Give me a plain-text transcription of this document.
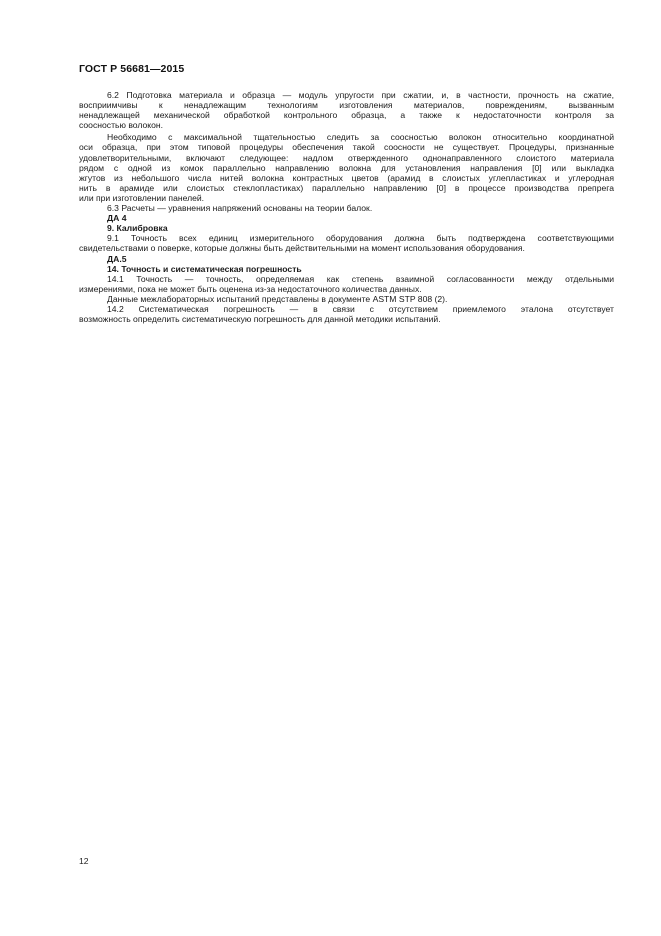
ГОСТ Р 56681—2015
6.2 Подготовка материала и образца — модуль упругости при сжатии, и, в частности, прочность на сжатие,
восприимчивы к ненадлежащим технологиям изготовления материалов, повреждениям, вызванным
ненадлежащей механической обработкой контрольного образца, а также к недостаточности контроля за
соосностью волокон.
Необходимо с максимальной тщательностью следить за соосностью волокон относительно координатной
оси образца, при этом типовой процедуры обеспечения такой соосности не существует. Процедуры, признанные
удовлетворительными, включают следующее: надлом отвержденного однонаправленного слоистого материала
рядом с одной из комок параллельно направлению волокна для установления направления [0] или выкладка
жгутов из небольшого числа нитей волокна контрастных цветов (арамид в слоистых углепластиках и углеродная
нить в арамиде или слоистых стеклопластиках) параллельно направлению [0] в процессе производства препрега
или при изготовлении панелей.
6.3 Расчеты — уравнения напряжений основаны на теории балок.
ДА 4
9. Калибровка
9.1 Точность всех единиц измерительного оборудования должна быть подтверждена соответствующими
свидетельствами о поверке, которые должны быть действительными на момент использования оборудования.
ДА.5
14. Точность и систематическая погрешность
14.1 Точность — точность, определяемая как степень взаимной согласованности между отдельными
измерениями, пока не может быть оценена из-за недостаточного количества данных.
Данные межлабораторных испытаний представлены в документе ASTM STP 808 (2).
14.2 Систематическая погрешность — в связи с отсутствием приемлемого эталона отсутствует
возможность определить систематическую погрешность для данной методики испытаний.
12
